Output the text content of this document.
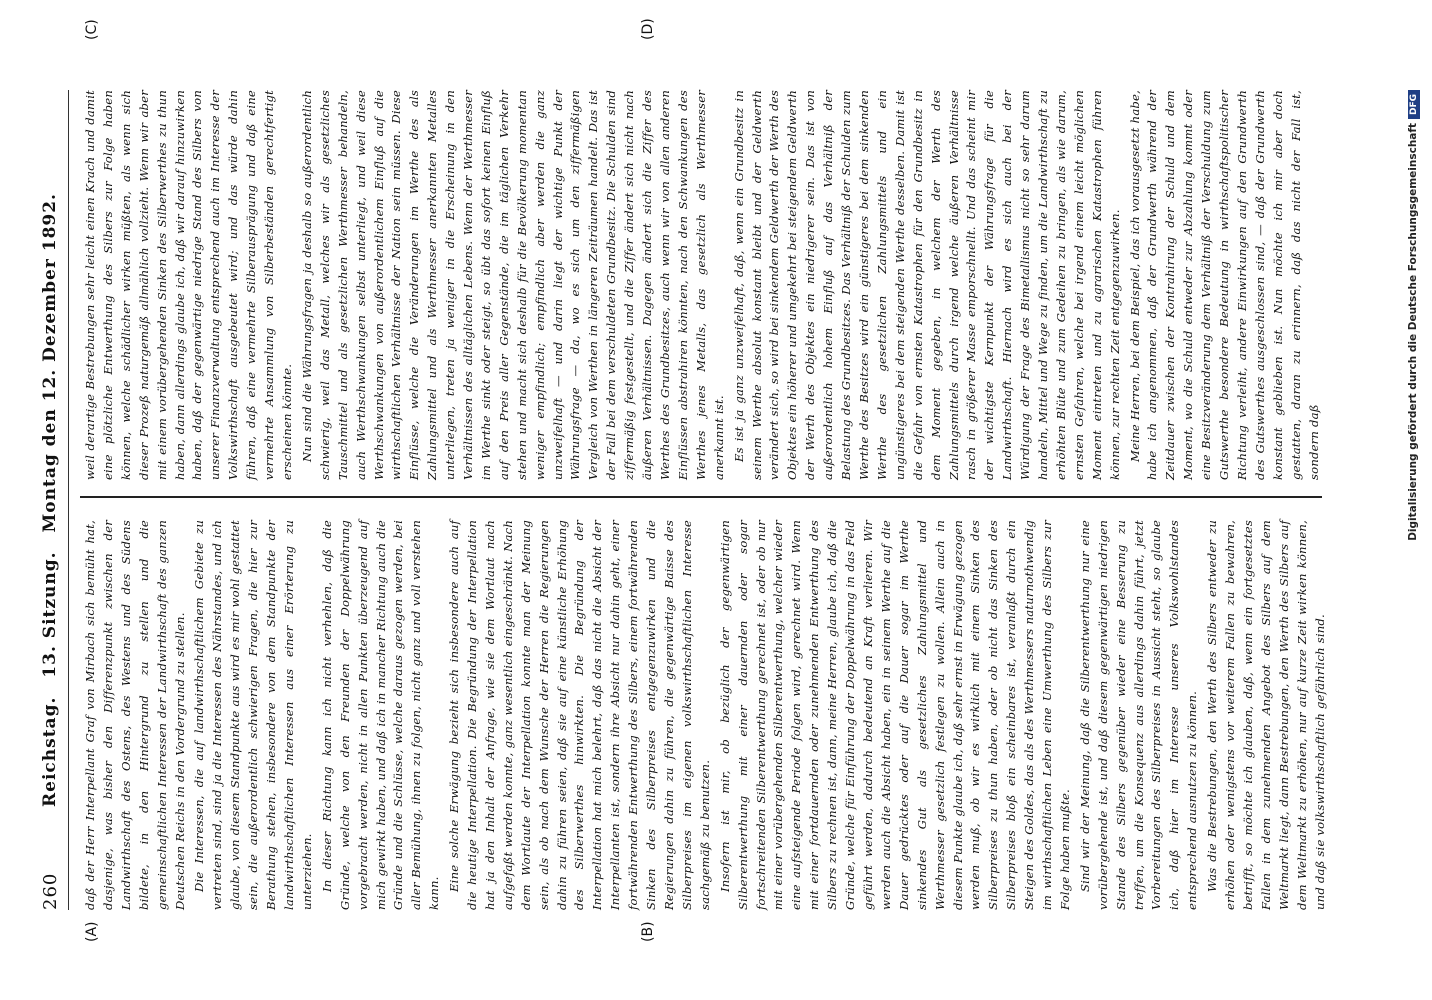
260
Reichstag. 13. Sitzung. Montag den 12. Dezember 1892.
(A)	(B)
(C)	(D)

daß der Herr Interpellant Graf von Mirbach sich bemüht hat, dasjenige, was bisher den Differenzpunkt zwischen der Landwirthschaft des Ostens, des Westens und des Südens bildete, in den Hintergrund zu stellen und die gemeinschaftlichen Interessen der Landwirthschaft des ganzen Deutschen Reichs in den Vordergrund zu stellen. Die Interessen, die auf landwirthschaftlichem Gebiete zu vertreten sind, sind ja die Interessen des Nährstandes, und ich glaube, von diesem Standpunkte aus wird es mir wohl gestattet sein, die außerordentlich schwierigen Fragen, die hier zur Berathung stehen, insbesondere von dem Standpunkte der landwirthschaftlichen Interessen aus einer Erörterung zu unterziehen. In dieser Richtung kann ich nicht verhehlen, daß die Gründe, welche von den Freunden der Doppelwährung vorgebracht werden, nicht in allen Punkten überzeugend auf mich gewirkt haben, und daß ich in mancher Richtung auch die Gründe und die Schlüsse, welche daraus gezogen werden, bei aller Bemühung, ihnen zu folgen, nicht ganz und voll verstehen kann.

Eine solche Erwägung bezieht sich insbesondere auch auf die heutige Interpellation. Die Begründung der Interpellation hat ja den Inhalt der Anfrage, wie sie dem Wortlaut nach aufgefaßt werden konnte, ganz wesentlich eingeschränkt. Nach dem Wortlaute der Interpellation konnte man der Meinung sein, als ob nach dem Wunsche der Herren die Regierungen dahin zu führen seien, daß sie auf eine künstliche Erhöhung des Silberwerthes hinwirkten. Die Begründung der Interpellation hat mich belehrt, daß das nicht die Absicht der Interpellanten ist, sondern ihre Absicht nur dahin geht, einer fortwährenden Entwerthung des Silbers, einem fortwährenden Sinken des Silberpreises entgegenzuwirken und die Regierungen dahin zu führen, die gegenwärtige Baisse des Silberpreises im eigenen volkswirthschaftlichen Interesse sachgemäß zu benutzen. Insofern ist mir, ob bezüglich der gegenwärtigen Silberentwerthung mit einer dauernden oder sogar fortschreitenden Silberentwerthung gerechnet ist, oder ob nur mit einer vorübergehenden Silberentwerthung, welcher wieder eine aufsteigende Periode folgen wird, gerechnet wird. Wenn mit einer fortdauernden oder zunehmenden Entwerthung des Silbers zu rechnen ist, dann, meine Herren, glaube ich, daß die Gründe, welche für Einführung der Doppelwährung in das Feld geführt werden, dadurch bedeutend an Kraft verlieren. Wir werden auch die Absicht haben, ein in seinem Werthe auf die Dauer gedrücktes oder auf die Dauer sogar im Werthe sinkendes Gut als gesetzliches Zahlungsmittel und Werthmesser gesetzlich festlegen zu wollen. Allein auch in diesem Punkte glaube ich, daß sehr ernst in Erwägung gezogen werden muß, ob wir es wirklich mit einem Sinken des Silberpreises zu thun haben, oder ob nicht das Sinken des Silberpreises bloß ein scheinbares ist, veranlaßt durch ein Steigen des Goldes, das als des Werthmessers naturnothwendig im wirthschaftlichen Leben eine Umwerthung des Silbers zur Folge haben mußte. Sind wir der Meinung, daß die Silberentwerthung nur eine vorübergehende ist, und daß diesem gegenwärtigen niedrigen Stande des Silbers gegenüber wieder eine Besserung zu treffen, um die Konsequenz aus allerdings dahin führt, jetzt Vorbereitungen des Silberpreises in Aussicht steht, so glaube ich, daß hier im Interesse unseres Volkswohlstandes entsprechend ausnutzen zu können. Was die Bestrebungen, den Werth des Silbers entweder zu erhöhen oder wenigstens vor weiterem Fallen zu bewahren, betrifft, so möchte ich glauben, daß, wenn ein fortgesetztes Fallen in dem zunehmenden Angebot des Silbers auf dem Weltmarkt liegt, dann Bestrebungen, den Werth des Silbers auf dem Weltmarkt zu erhöhen, nur auf kurze Zeit wirken können, und daß sie volkswirthschaftlich gefährlich sind.

weil derartige Bestrebungen sehr leicht einen Krach und damit eine plötzliche Entwerthung des Silbers zur Folge haben können, welche schädlicher wirken müßten, als wenn sich dieser Prozeß naturgemäß allmählich vollzieht. Wenn wir aber mit einem vorübergehenden Sinken des Silberwerthes zu thun haben, dann allerdings glaube ich, daß wir darauf hinzuwirken haben, daß der gegenwärtige niedrige Stand des Silbers von unserer Finanzverwaltung entsprechend auch im Interesse der Volkswirthschaft ausgebeutet wird; und das würde dahin führen, daß eine vermehrte Silberausprägung und daß eine vermehrte Ansammlung von Silberbeständen gerechtfertigt erscheinen könnte. Nun sind die Währungsfragen ja deshalb so außerordentlich schwierig, weil das Metall, welches wir als gesetzliches Tauschmittel und als gesetzlichen Werthmesser behandeln, auch Werthschwankungen selbst unterliegt, und weil diese Werthschwankungen von außerordentlichem Einfluß auf die wirthschaftlichen Verhältnisse der Nation sein müssen. Diese Einflüsse, welche die Veränderungen im Werthe des als Zahlungsmittel und als Werthmesser anerkannten Metalles unterliegen, treten ja weniger in die Erscheinung in den Verhältnissen des alltäglichen Lebens. Wenn der Werthmesser im Werthe sinkt oder steigt, so übt das sofort keinen Einfluß auf den Preis aller Gegenstände, die im täglichen Verkehr stehen und macht sich deshalb für die Bevölkerung momentan weniger empfindlich; empfindlich aber werden die ganz unzweifelhaft — und darin liegt der wichtige Punkt der Währungsfrage — da, wo es sich um den ziffermäßigen Vergleich von Werthen in längeren Zeiträumen handelt. Das ist der Fall bei dem verschuldeten Grundbesitz. Die Schulden sind ziffermäßig festgestellt, und die Ziffer ändert sich nicht nach äußeren Verhältnissen. Dagegen ändert sich die Ziffer des Werthes des Grundbesitzes, auch wenn wir von allen anderen Einflüssen abstrahiren könnten, nach den Schwankungen des Werthes jenes Metalls, das gesetzlich als Werthmesser anerkannt ist. Es ist ja ganz unzweifelhaft, daß, wenn ein Grundbesitz in seinem Werthe absolut konstant bleibt und der Geldwerth verändert sich, so wird bei sinkendem Geldwerth der Werth des Objektes ein höherer und umgekehrt bei steigendem Geldwerth der Werth des Objektes ein niedrigerer sein. Das ist von außerordentlich hohem Einfluß auf das Verhältniß der Belastung des Grundbesitzes. Das Verhältniß der Schulden zum Werthe des Besitzes wird ein günstigeres bei dem sinkenden Werthe des gesetzlichen Zahlungsmittels und ein ungünstigeres bei dem steigenden Werthe desselben. Damit ist die Gefahr von ernsten Katastrophen für den Grundbesitz in dem Moment gegeben, in welchem der Werth des Zahlungsmittels durch irgend welche äußeren Verhältnisse rasch in größerer Masse emporschnellt. Und das scheint mir der wichtigste Kernpunkt der Währungsfrage für die Landwirthschaft. Hiernach wird es sich auch bei der Würdigung der Frage des Bimetallismus nicht so sehr darum handeln, Mittel und Wege zu finden, um die Landwirthschaft zu erhöhten Blüte und zum Gedeihen zu bringen, als wie darum, ernsten Gefahren, welche bei irgend einem leicht möglichen Moment eintreten und zu agrarischen Katastrophen führen können, zur rechten Zeit entgegenzuwirken. Meine Herren, bei dem Beispiel, das ich vorausgesetzt habe, habe ich angenommen, daß der Grundwerth während der Zeitdauer zwischen der Kontrahirung der Schuld und dem Moment, wo die Schuld entweder zur Abzahlung kommt oder eine Besitzveränderung dem Verhältniß der Verschuldung zum Gutswerthe besondere Bedeutung in wirthschaftspolitischer Richtung verleiht, andere Einwirkungen auf den Grundwerth des Gutswerthes ausgeschlossen sind, — daß der Grundwerth konstant geblieben ist. Nun möchte ich mir aber doch gestatten, daran zu erinnern, daß das nicht der Fall ist, sondern daß	Digitalisierung gefördert durch die Deutsche ForschungsgemeinschaftDFG
